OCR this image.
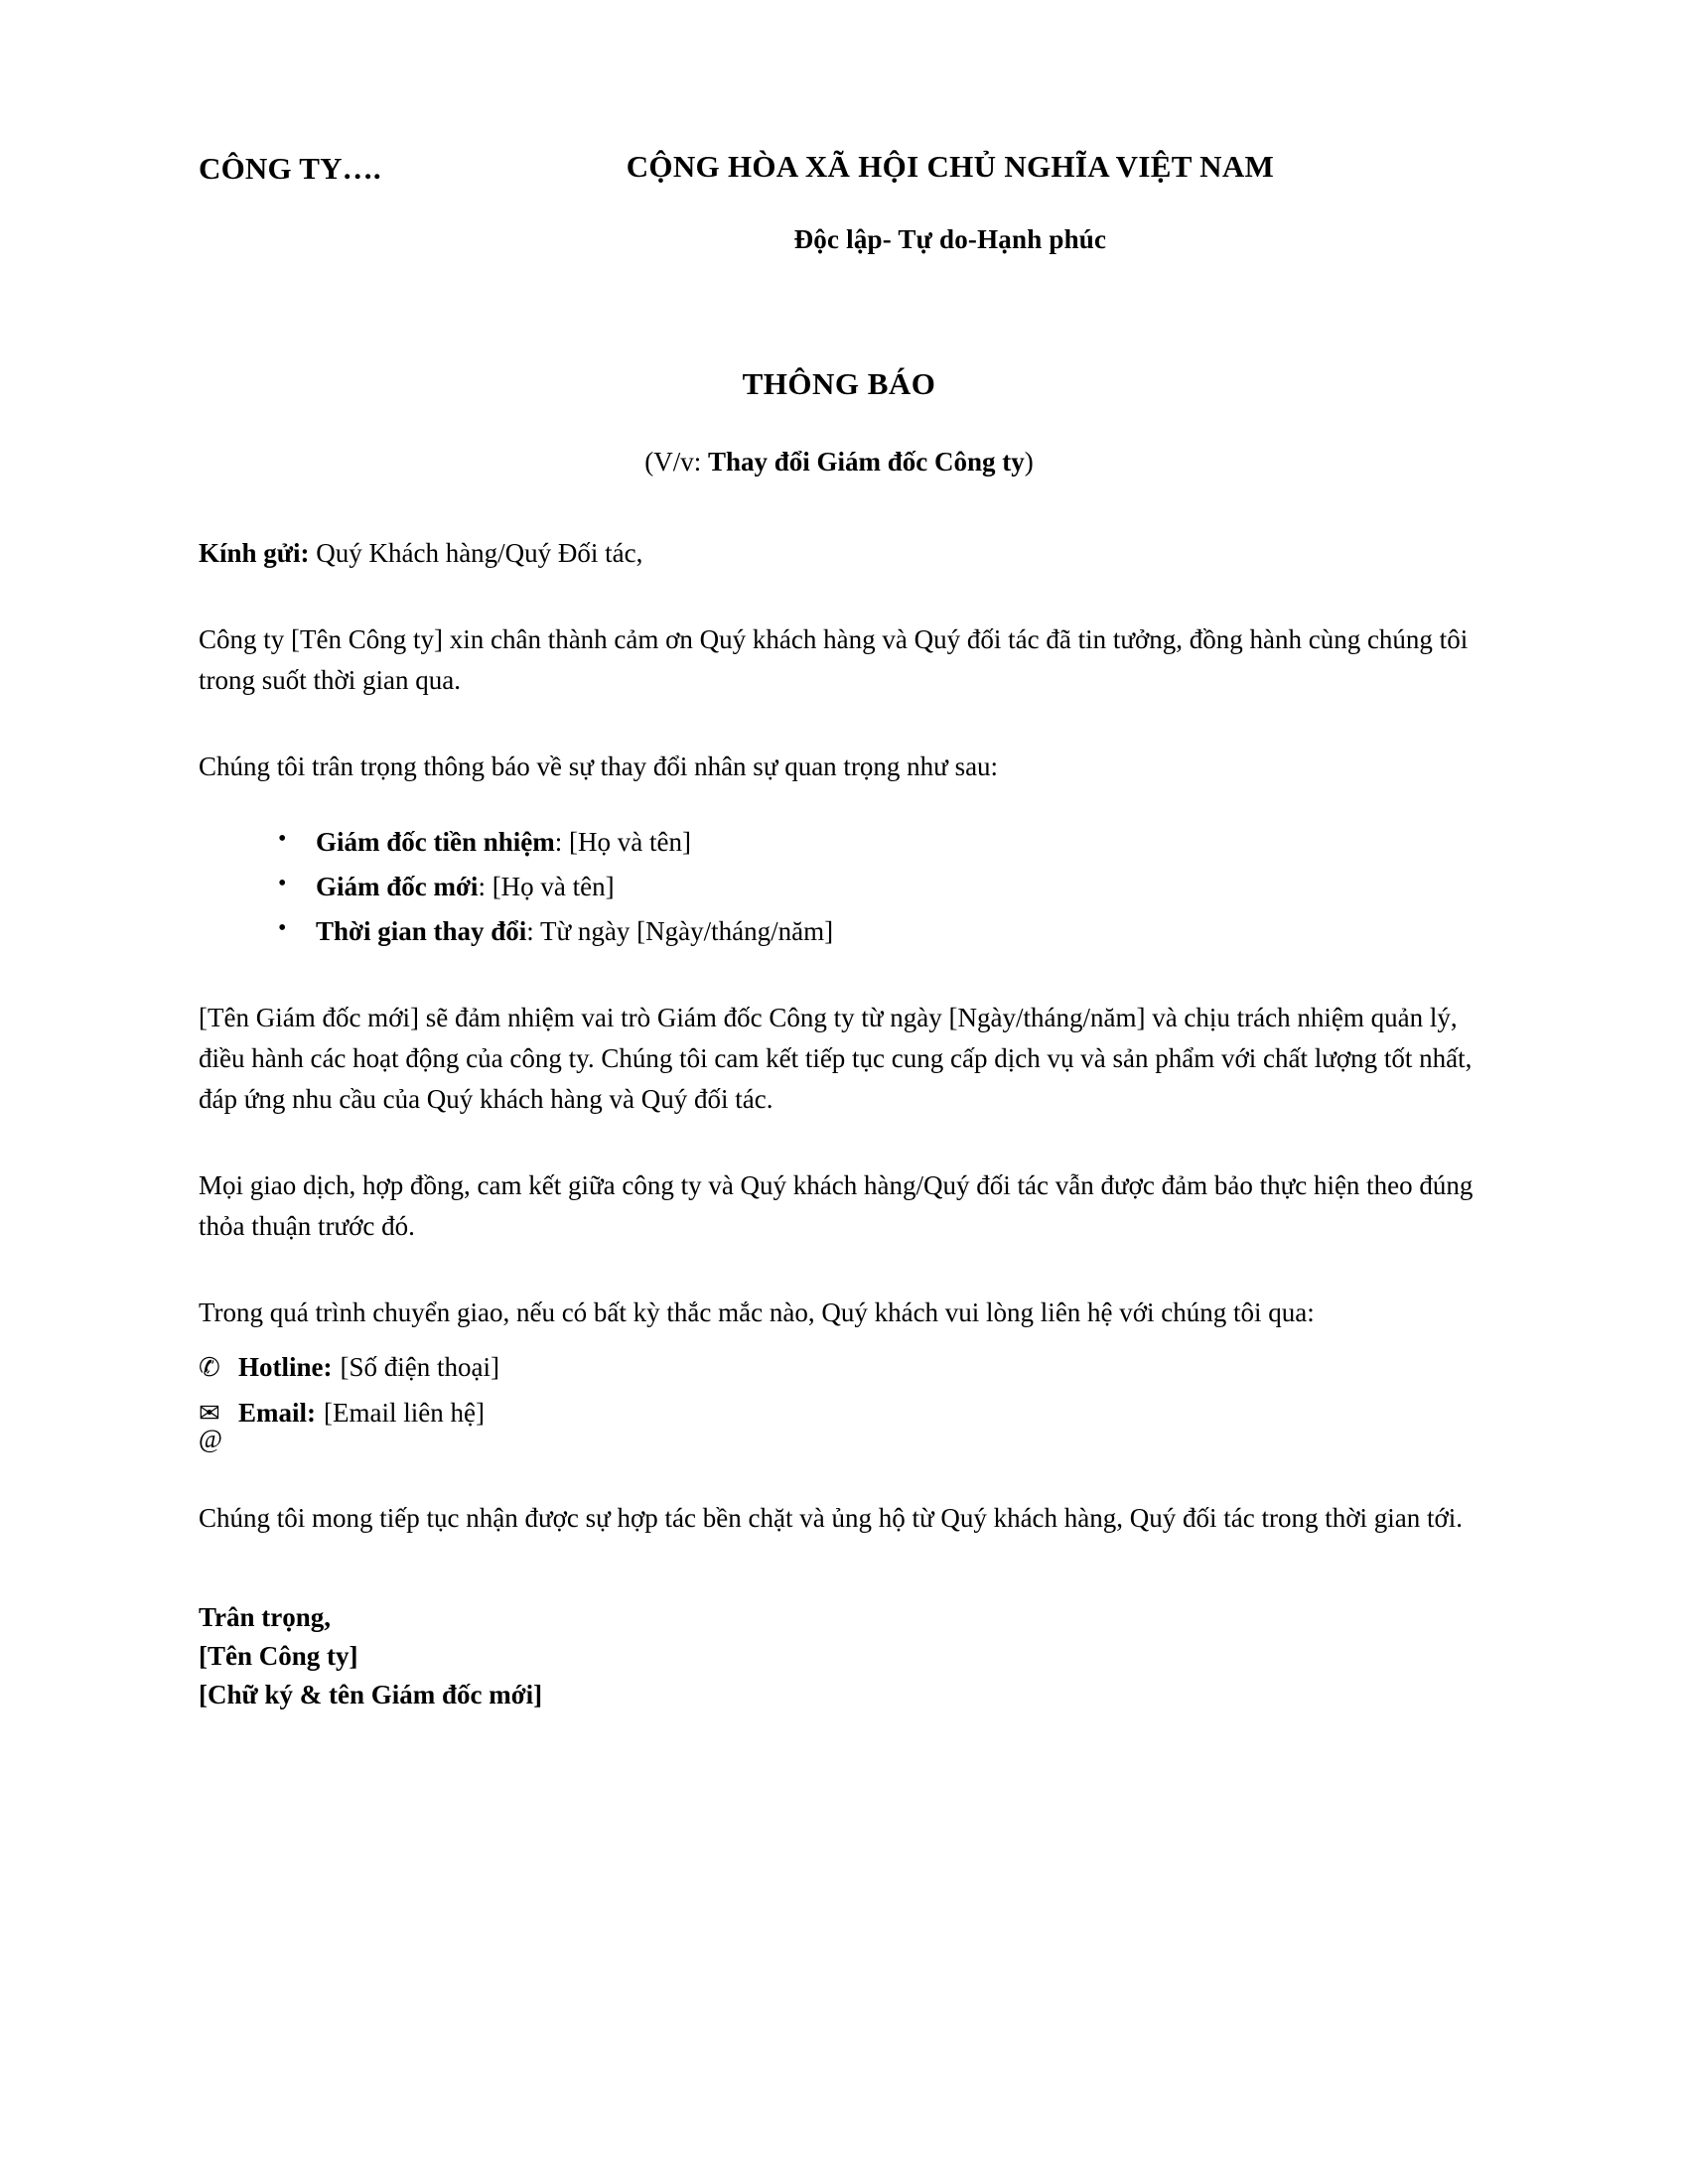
CÔNG TY….	CỘNG HÒA XÃ HỘI CHỦ NGHĨA VIỆT NAM
Độc lập- Tự do-Hạnh phúc
THÔNG BÁO
(V/v: Thay đổi Giám đốc Công ty)
Kính gửi: Quý Khách hàng/Quý Đối tác,
Công ty [Tên Công ty] xin chân thành cảm ơn Quý khách hàng và Quý đối tác đã tin tưởng, đồng hành cùng chúng tôi trong suốt thời gian qua.
Chúng tôi trân trọng thông báo về sự thay đổi nhân sự quan trọng như sau:
• Giám đốc tiền nhiệm: [Họ và tên]
• Giám đốc mới: [Họ và tên]
• Thời gian thay đổi: Từ ngày [Ngày/tháng/năm]
[Tên Giám đốc mới] sẽ đảm nhiệm vai trò Giám đốc Công ty từ ngày [Ngày/tháng/năm] và chịu trách nhiệm quản lý, điều hành các hoạt động của công ty. Chúng tôi cam kết tiếp tục cung cấp dịch vụ và sản phẩm với chất lượng tốt nhất, đáp ứng nhu cầu của Quý khách hàng và Quý đối tác.
Mọi giao dịch, hợp đồng, cam kết giữa công ty và Quý khách hàng/Quý đối tác vẫn được đảm bảo thực hiện theo đúng thỏa thuận trước đó.
Trong quá trình chuyển giao, nếu có bất kỳ thắc mắc nào, Quý khách vui lòng liên hệ với chúng tôi qua:
✆ Hotline: [Số điện thoại]
✉@
Email: [Email liên hệ]
Chúng tôi mong tiếp tục nhận được sự hợp tác bền chặt và ủng hộ từ Quý khách hàng, Quý đối tác trong thời gian tới.
Trân trọng,
[Tên Công ty]
[Chữ ký & tên Giám đốc mới]
